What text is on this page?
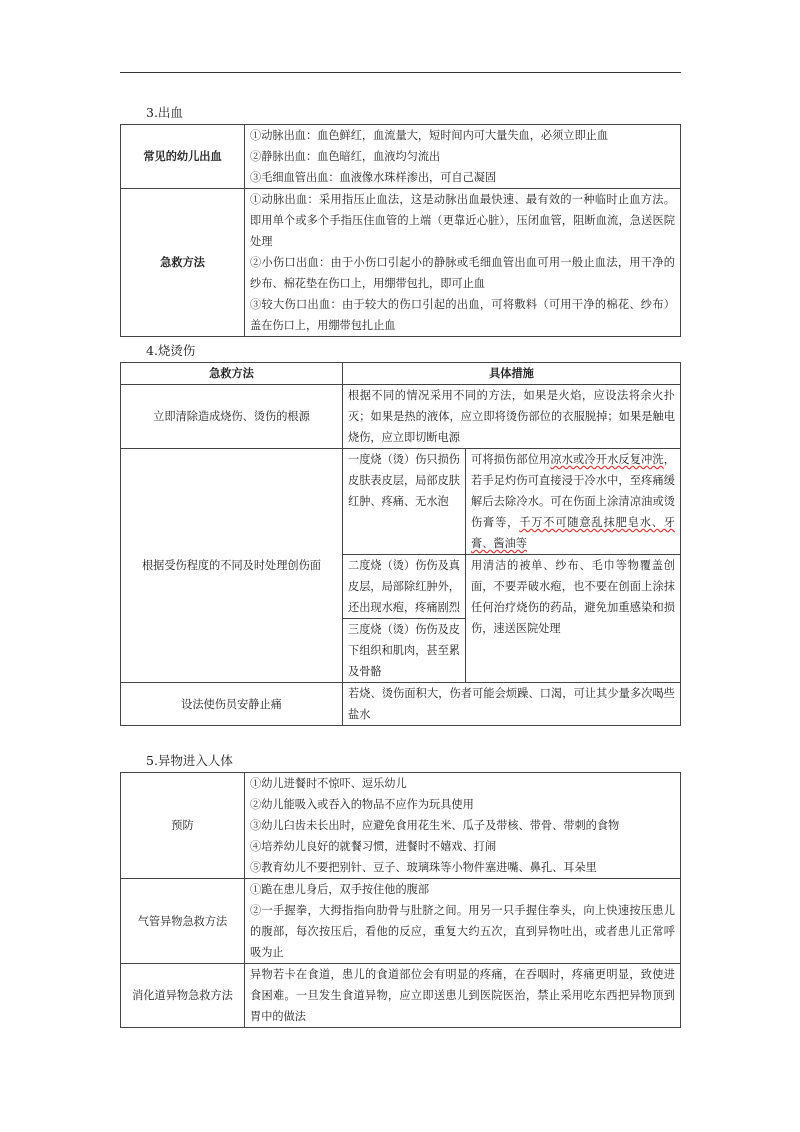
3.出血
常见的幼儿出血	①动脉出血：血色鲜红，血流量大，短时间内可大量失血，必须立即止血
②静脉出血：血色暗红，血液均匀流出
③毛细血管出血：血液像水珠样渗出，可自己凝固

急救方法	①动脉出血：采用指压止血法，这是动脉出血最快速、最有效的一种临时止血方法。即用单个或多个手指压住血管的上端（更靠近心脏），压闭血管，阻断血流，急送医院处理
②小伤口出血：由于小伤口引起小的静脉或毛细血管出血可用一般止血法，用干净的纱布、棉花垫在伤口上，用绷带包扎，即可止血
③较大伤口出血：由于较大的伤口引起的出血，可将敷料（可用干净的棉花、纱布）盖在伤口上，用绷带包扎止血
4.烧烫伤
急救方法	具体措施	
立即清除造成烧伤、烫伤的根源	根据不同的情况采用不同的方法，如果是火焰，应设法将余火扑灭；如果是热的液体，应立即将烫伤部位的衣服脱掉；如果是触电烧伤，应立即切断电源	
根据受伤程度的不同及时处理创伤面	一度烧（烫）伤只损伤皮肤表皮层，局部皮肤红肿、疼痛、无水泡	可将损伤部位用凉水或冷开水反复冲洗，若手足灼伤可直接浸于冷水中，至疼痛缓解后去除冷水。可在伤面上涂清凉油或烫伤膏等，千万不可随意乱抹肥皂水、牙膏、酱油等
	二度烧（烫）伤伤及真皮层，局部除红肿外，还出现水疱，疼痛剧烈	用清洁的被单、纱布、毛巾等物覆盖创面，不要弄破水疱，也不要在创面上涂抹任何治疗烧伤的药品，避免加重感染和损伤，速送医院处理
	三度烧（烫）伤伤及皮下组织和肌肉，甚至累及骨骼	
设法使伤员安静止痛	若烧、烫伤面积大，伤者可能会烦躁、口渴，可让其少量多次喝些盐水	
5.异物进入人体
预防	①幼儿进餐时不惊吓、逗乐幼儿
②幼儿能吸入或吞入的物品不应作为玩具使用
③幼儿臼齿未长出时，应避免食用花生米、瓜子及带核、带骨、带刺的食物
④培养幼儿良好的就餐习惯，进餐时不嬉戏、打闹
⑤教育幼儿不要把别针、豆子、玻璃珠等小物件塞进嘴、鼻孔、耳朵里

气管异物急救方法	①跪在患儿身后，双手按住他的腹部
②一手握拳，大拇指指向肋骨与肚脐之间。用另一只手握住拳头，向上快速按压患儿的腹部，每次按压后，看他的反应，重复大约五次，直到异物吐出，或者患儿正常呼吸为止

消化道异物急救方法	异物若卡在食道，患儿的食道部位会有明显的疼痛，在吞咽时，疼痛更明显，致使进食困难。一旦发生食道异物，应立即送患儿到医院医治，禁止采用吃东西把异物顶到胃中的做法
